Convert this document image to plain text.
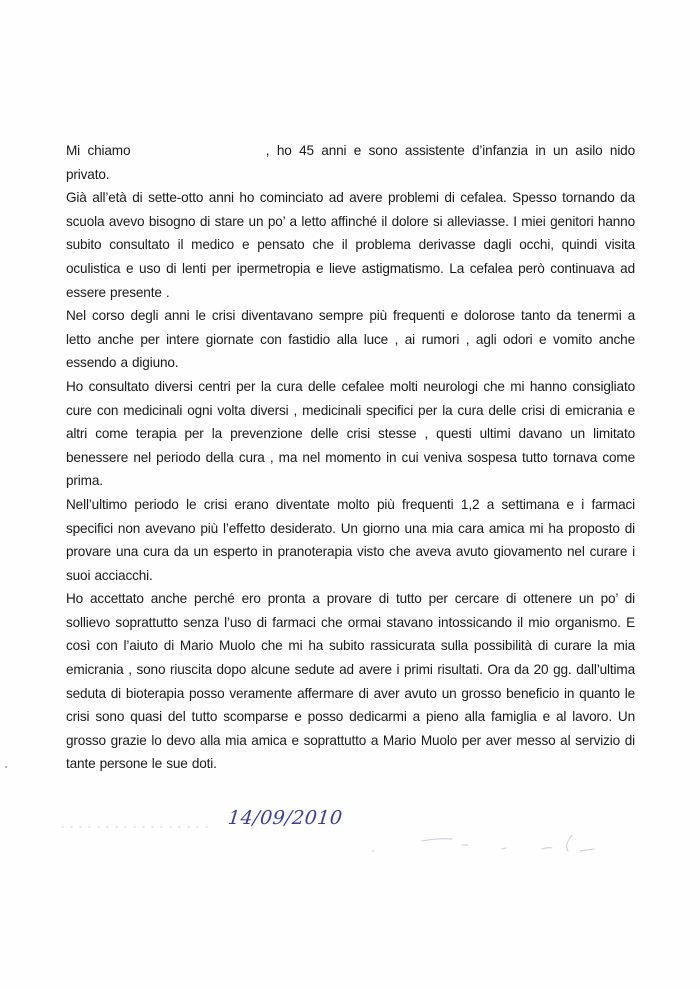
Mi chiamo	, ho 45 anni e sono assistente d’infanzia in un asilo nido privato.

Già all’età di sette-otto anni ho cominciato ad avere problemi di cefalea. Spesso tornando da scuola avevo bisogno di stare un po’ a letto affinché il dolore si alleviasse. I miei genitori hanno subito consultato il medico e pensato che il problema derivasse dagli occhi, quindi visita oculistica e uso di lenti per ipermetropia e lieve astigmatismo. La cefalea però continuava ad essere presente .

Nel corso degli anni le crisi diventavano sempre più frequenti e dolorose tanto da tenermi a letto anche per intere giornate con fastidio alla luce , ai rumori , agli odori e vomito anche essendo a digiuno.

Ho consultato diversi centri per la cura delle cefalee molti neurologi che mi hanno consigliato cure con medicinali ogni volta diversi , medicinali specifici per la cura delle crisi di emicrania e altri come terapia per la prevenzione delle crisi stesse , questi ultimi davano un limitato benessere nel periodo della cura , ma nel momento in cui veniva sospesa tutto tornava come prima.

Nell’ultimo periodo le crisi erano diventate molto più frequenti 1,2 a settimana e i farmaci specifici non avevano più l’effetto desiderato. Un giorno una mia cara amica mi ha proposto di provare una cura da un esperto in pranoterapia visto che aveva avuto giovamento nel curare i suoi acciacchi.

Ho accettato anche perché ero pronta a provare di tutto per cercare di ottenere un po’ di sollievo soprattutto senza l’uso di farmaci che ormai stavano intossicando il mio organismo. E così con l’aiuto di Mario Muolo che mi ha subito rassicurata sulla possibilità di curare la mia emicrania , sono riuscita dopo alcune sedute ad avere i primi risultati. Ora da 20 gg. dall’ultima seduta di bioterapia posso veramente affermare di aver avuto un grosso beneficio in quanto le crisi sono quasi del tutto scomparse e posso dedicarmi a pieno alla famiglia e al lavoro. Un grosso grazie lo devo alla mia amica e soprattutto a Mario Muolo per aver messo al servizio di tante persone le sue doti.

14/09/2010
